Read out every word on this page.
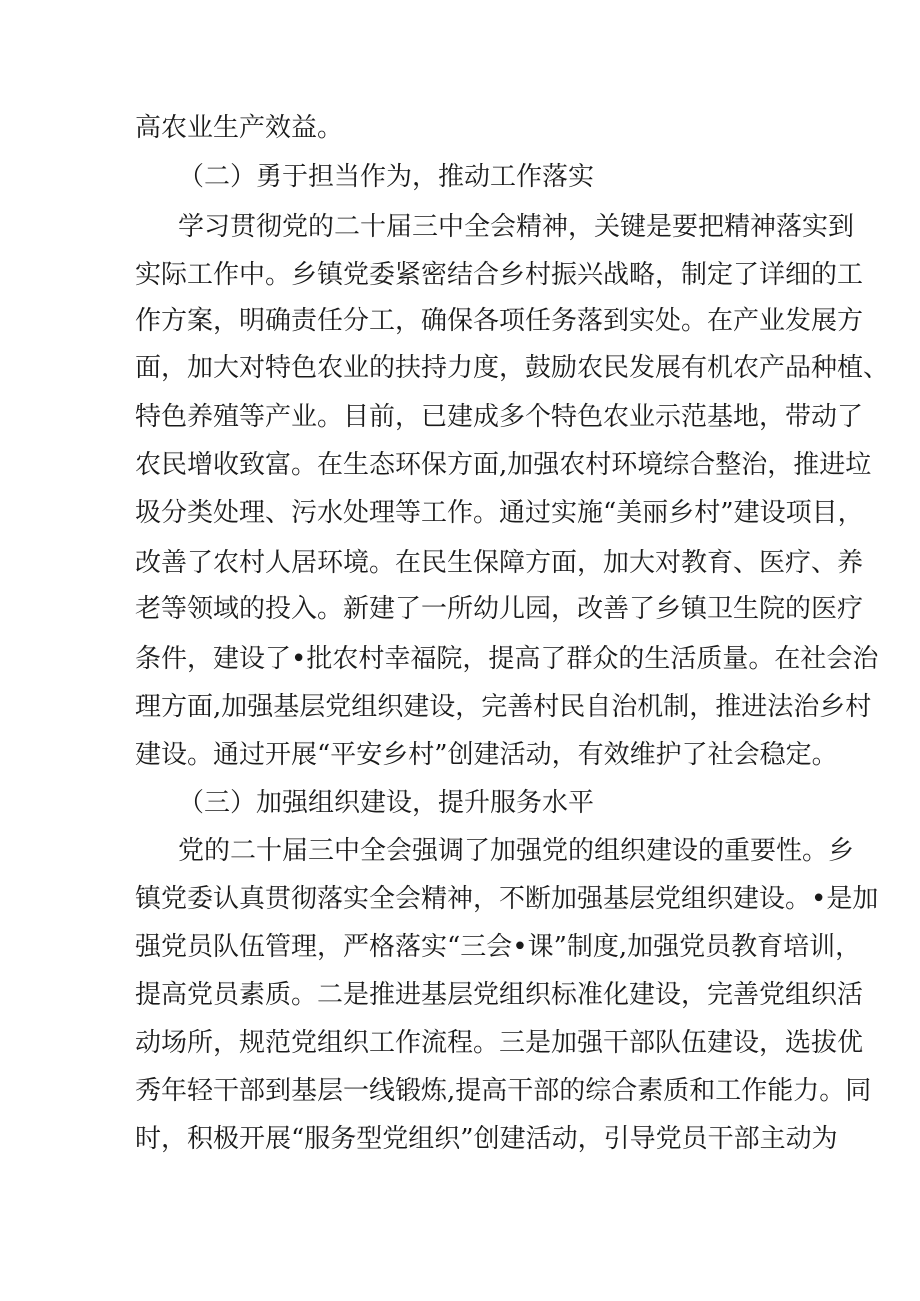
高农业生产效益。
（二）勇于担当作为，推动工作落实
学习贯彻党的二十届三中全会精神，关键是要把精神落实到
实际工作中。乡镇党委紧密结合乡村振兴战略，制定了详细的工
作方案，明确责任分工，确保各项任务落到实处。在产业发展方
面，加大对特色农业的扶持力度，鼓励农民发展有机农产品种植、
特色养殖等产业。目前，已建成多个特色农业示范基地，带动了
农民增收致富。在生态环保方面,加强农村环境综合整治，推进垃
圾分类处理、污水处理等工作。通过实施“美丽乡村”建设项目，
改善了农村人居环境。在民生保障方面，加大对教育、医疗、养
老等领域的投入。新建了一所幼儿园，改善了乡镇卫生院的医疗
条件，建设了•批农村幸福院，提高了群众的生活质量。在社会治
理方面,加强基层党组织建设，完善村民自治机制，推进法治乡村
建设。通过开展“平安乡村”创建活动，有效维护了社会稳定。
（三）加强组织建设，提升服务水平
党的二十届三中全会强调了加强党的组织建设的重要性。乡
镇党委认真贯彻落实全会精神，不断加强基层党组织建设。•是加
强党员队伍管理，严格落实“三会•课”制度,加强党员教育培训，
提高党员素质。二是推进基层党组织标准化建设，完善党组织活
动场所，规范党组织工作流程。三是加强干部队伍建设，选拔优
秀年轻干部到基层一线锻炼,提高干部的综合素质和工作能力。同
时，积极开展“服务型党组织”创建活动，引导党员干部主动为
